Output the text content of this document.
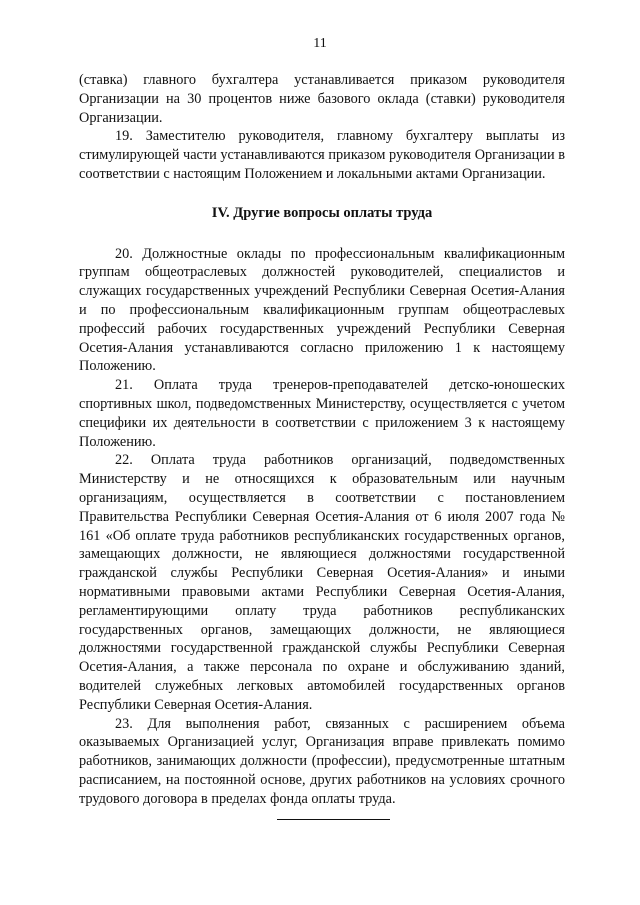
11

(ставка) главного бухгалтера устанавливается приказом руководителя Организации на 30 процентов ниже базового оклада (ставки) руководителя Организации.

19. Заместителю руководителя, главному бухгалтеру выплаты из стимулирующей части устанавливаются приказом руководителя Организации в соответствии с настоящим Положением и локальными актами Организации.

IV. Другие вопросы оплаты труда

20. Должностные оклады по профессиональным квалификационным группам общеотраслевых должностей руководителей, специалистов и служащих государственных учреждений Республики Северная Осетия-Алания и по профессиональным квалификационным группам общеотраслевых профессий рабочих государственных учреждений Республики Северная Осетия-Алания устанавливаются согласно приложению 1 к настоящему Положению.

21. Оплата труда тренеров-преподавателей детско-юношеских спортивных школ, подведомственных Министерству, осуществляется с учетом специфики их деятельности в соответствии с приложением 3 к настоящему Положению.

22. Оплата труда работников организаций, подведомственных Министерству и не относящихся к образовательным или научным организациям, осуществляется в соответствии с постановлением Правительства Республики Северная Осетия-Алания от 6 июля 2007 года № 161 «Об оплате труда работников республиканских государственных органов, замещающих должности, не являющиеся должностями государственной гражданской службы Республики Северная Осетия-Алания» и иными нормативными правовыми актами Республики Северная Осетия-Алания, регламентирующими оплату труда работников республиканских государственных органов, замещающих должности, не являющиеся должностями государственной гражданской службы Республики Северная Осетия-Алания, а также персонала по охране и обслуживанию зданий, водителей служебных легковых автомобилей государственных органов Республики Северная Осетия-Алания.

23. Для выполнения работ, связанных с расширением объема оказываемых Организацией услуг, Организация вправе привлекать помимо работников, занимающих должности (профессии), предусмотренные штатным расписанием, на постоянной основе, других работников на условиях срочного трудового договора в пределах фонда оплаты труда.
